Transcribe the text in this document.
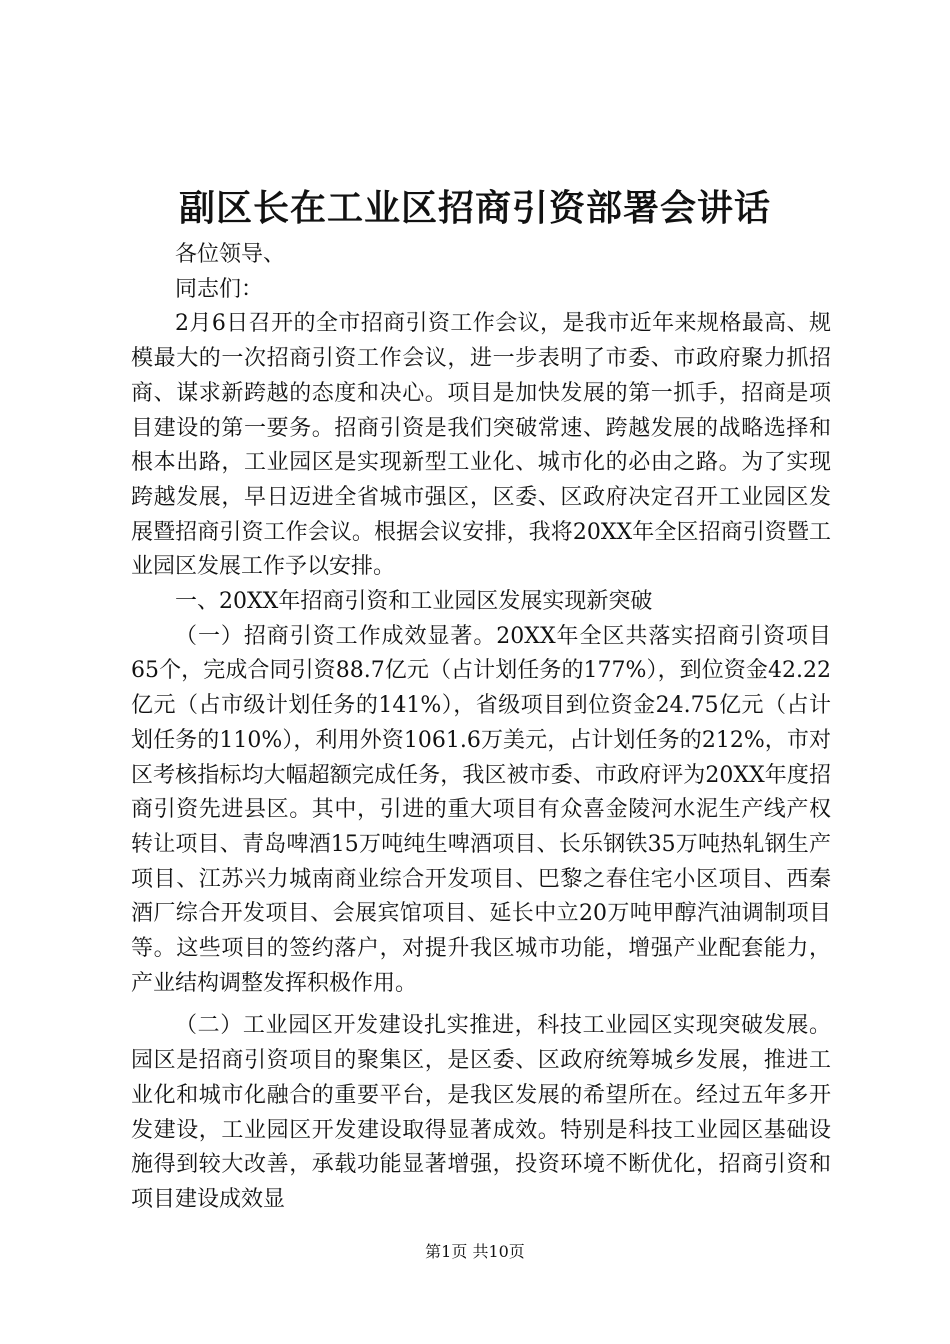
副区长在工业区招商引资部署会讲话

各位领导、

同志们：

2月6日召开的全市招商引资工作会议，是我市近年来规格最高、规模最大的一次招商引资工作会议，进一步表明了市委、市政府聚力抓招商、谋求新跨越的态度和决心。项目是加快发展的第一抓手，招商是项目建设的第一要务。招商引资是我们突破常速、跨越发展的战略选择和根本出路，工业园区是实现新型工业化、城市化的必由之路。为了实现跨越发展，早日迈进全省城市强区，区委、区政府决定召开工业园区发展暨招商引资工作会议。根据会议安排，我将20XX年全区招商引资暨工业园区发展工作予以安排。

一、20XX年招商引资和工业园区发展实现新突破

（一）招商引资工作成效显著。20XX年全区共落实招商引资项目65个，完成合同引资88.7亿元（占计划任务的177%），到位资金42.22亿元（占市级计划任务的141%），省级项目到位资金24.75亿元（占计划任务的110%），利用外资1061.6万美元，占计划任务的212%，市对区考核指标均大幅超额完成任务，我区被市委、市政府评为20XX年度招商引资先进县区。其中，引进的重大项目有众喜金陵河水泥生产线产权转让项目、青岛啤酒15万吨纯生啤酒项目、长乐钢铁35万吨热轧钢生产项目、江苏兴力城南商业综合开发项目、巴黎之春住宅小区项目、西秦酒厂综合开发项目、会展宾馆项目、延长中立20万吨甲醇汽油调制项目等。这些项目的签约落户，对提升我区城市功能，增强产业配套能力，产业结构调整发挥积极作用。

（二）工业园区开发建设扎实推进，科技工业园区实现突破发展。园区是招商引资项目的聚集区，是区委、区政府统筹城乡发展，推进工业化和城市化融合的重要平台，是我区发展的希望所在。经过五年多开发建设，工业园区开发建设取得显著成效。特别是科技工业园区基础设施得到较大改善，承载功能显著增强，投资环境不断优化，招商引资和项目建设成效显

第1页 共10页
